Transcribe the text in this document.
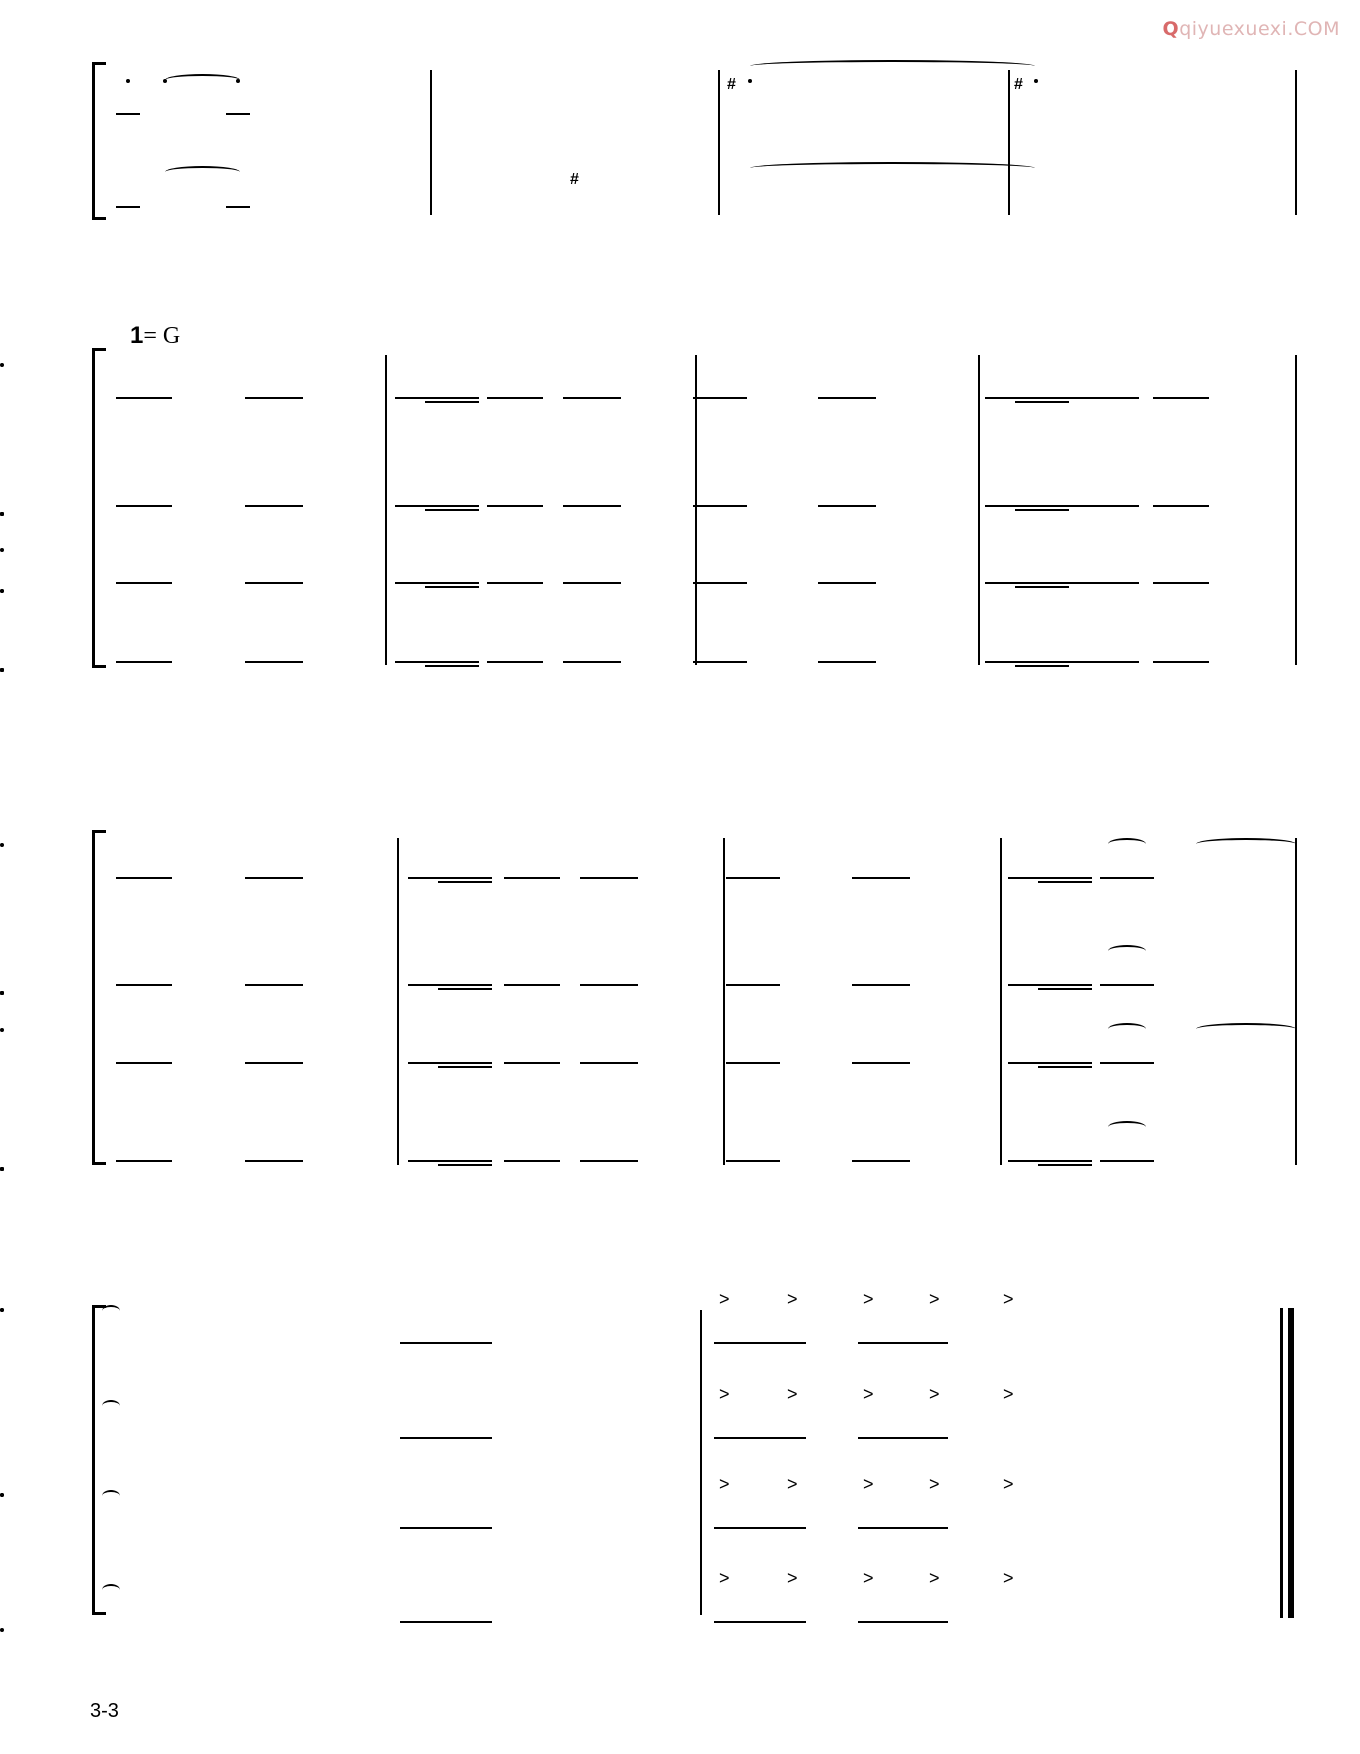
Qqiyuexuexi.COM
1= G
#	#
#
>	>	>	>	>
>	>	>	>	>
>	>	>	>	>
>	>	>	>	>
3-3
